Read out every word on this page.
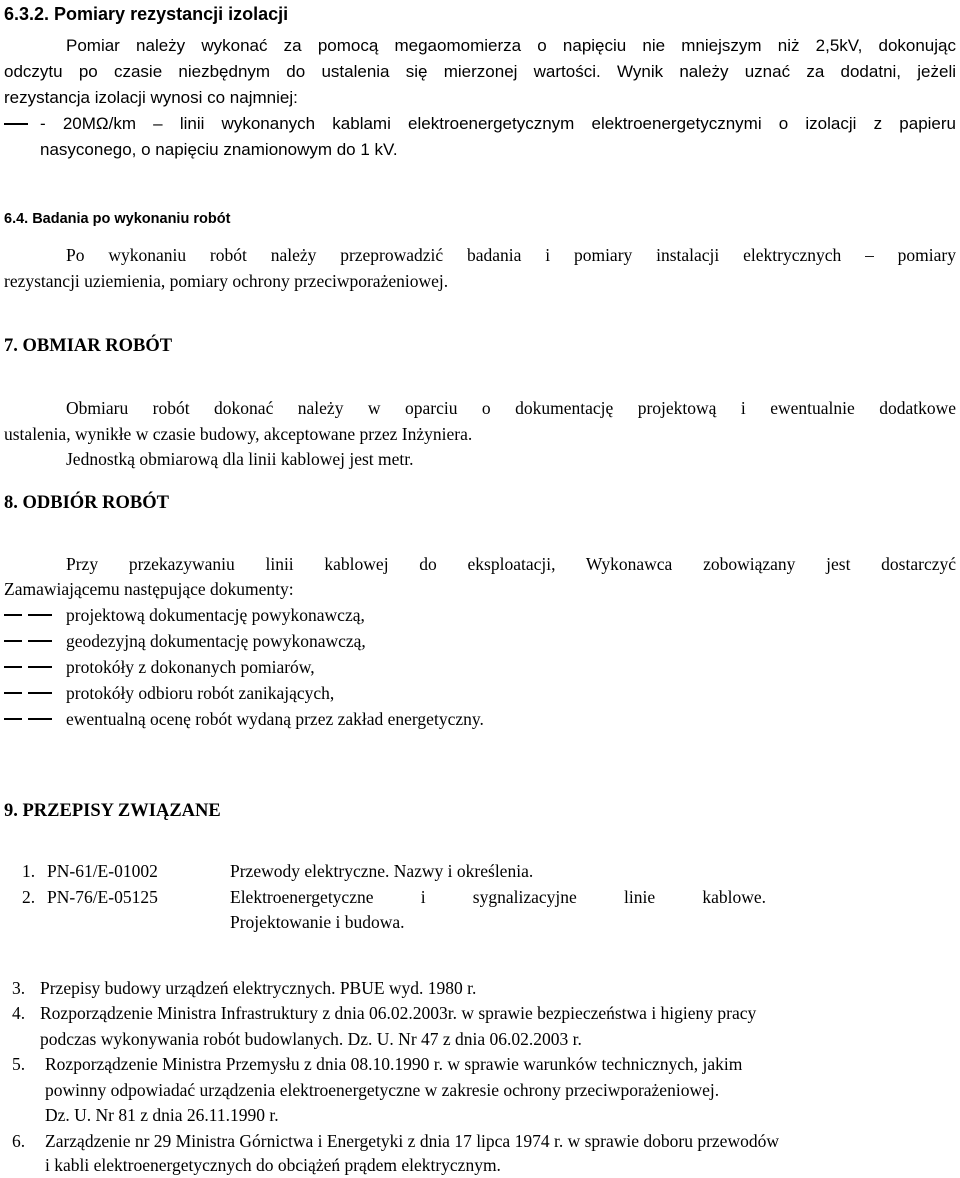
6.3.2. Pomiary rezystancji izolacji
Pomiar należy wykonać za pomocą megaomomierza o napięciu nie mniejszym niż 2,5kV, dokonując
odczytu po czasie niezbędnym do ustalenia się mierzonej wartości. Wynik należy uznać za dodatni, jeżeli
rezystancja izolacji wynosi co najmniej:
- 20MΩ/km – linii wykonanych kablami elektroenergetycznym elektroenergetycznymi o izolacji z papieru
nasyconego, o napięciu znamionowym do 1 kV.
6.4. Badania po wykonaniu robót
Po wykonaniu robót należy przeprowadzić badania i pomiary instalacji elektrycznych – pomiary
rezystancji uziemienia, pomiary ochrony przeciwporażeniowej.
7. OBMIAR ROBÓT
Obmiaru robót dokonać należy w oparciu o dokumentację projektową i ewentualnie dodatkowe
ustalenia, wynikłe w czasie budowy, akceptowane przez Inżyniera.
Jednostką obmiarową dla linii kablowej jest metr.
8. ODBIÓR ROBÓT
Przy przekazywaniu linii kablowej do eksploatacji, Wykonawca zobowiązany jest dostarczyć
Zamawiającemu następujące dokumenty:
projektową dokumentację powykonawczą,
geodezyjną dokumentację powykonawczą,
protokóły z dokonanych pomiarów,
protokóły odbioru robót zanikających,
ewentualną ocenę robót wydaną przez zakład energetyczny.
9. PRZEPISY ZWIĄZANE
1. PN-61/E-01002	Przewody elektryczne. Nazwy i określenia.
2. PN-76/E-05125	Elektroenergetyczne i sygnalizacyjne linie kablowe.
Projektowanie i budowa.
3. Przepisy budowy urządzeń elektrycznych. PBUE wyd. 1980 r.
4. Rozporządzenie Ministra Infrastruktury z dnia 06.02.2003r. w sprawie bezpieczeństwa i higieny pracy
podczas wykonywania robót budowlanych. Dz. U. Nr 47 z dnia 06.02.2003 r.
5. Rozporządzenie Ministra Przemysłu z dnia 08.10.1990 r. w sprawie warunków technicznych, jakim
powinny odpowiadać urządzenia elektroenergetyczne w zakresie ochrony przeciwporażeniowej.
Dz. U. Nr 81 z dnia 26.11.1990 r.
6. Zarządzenie nr 29 Ministra Górnictwa i Energetyki z dnia 17 lipca 1974 r. w sprawie doboru przewodów
i kabli elektroenergetycznych do obciążeń prądem elektrycznym.
